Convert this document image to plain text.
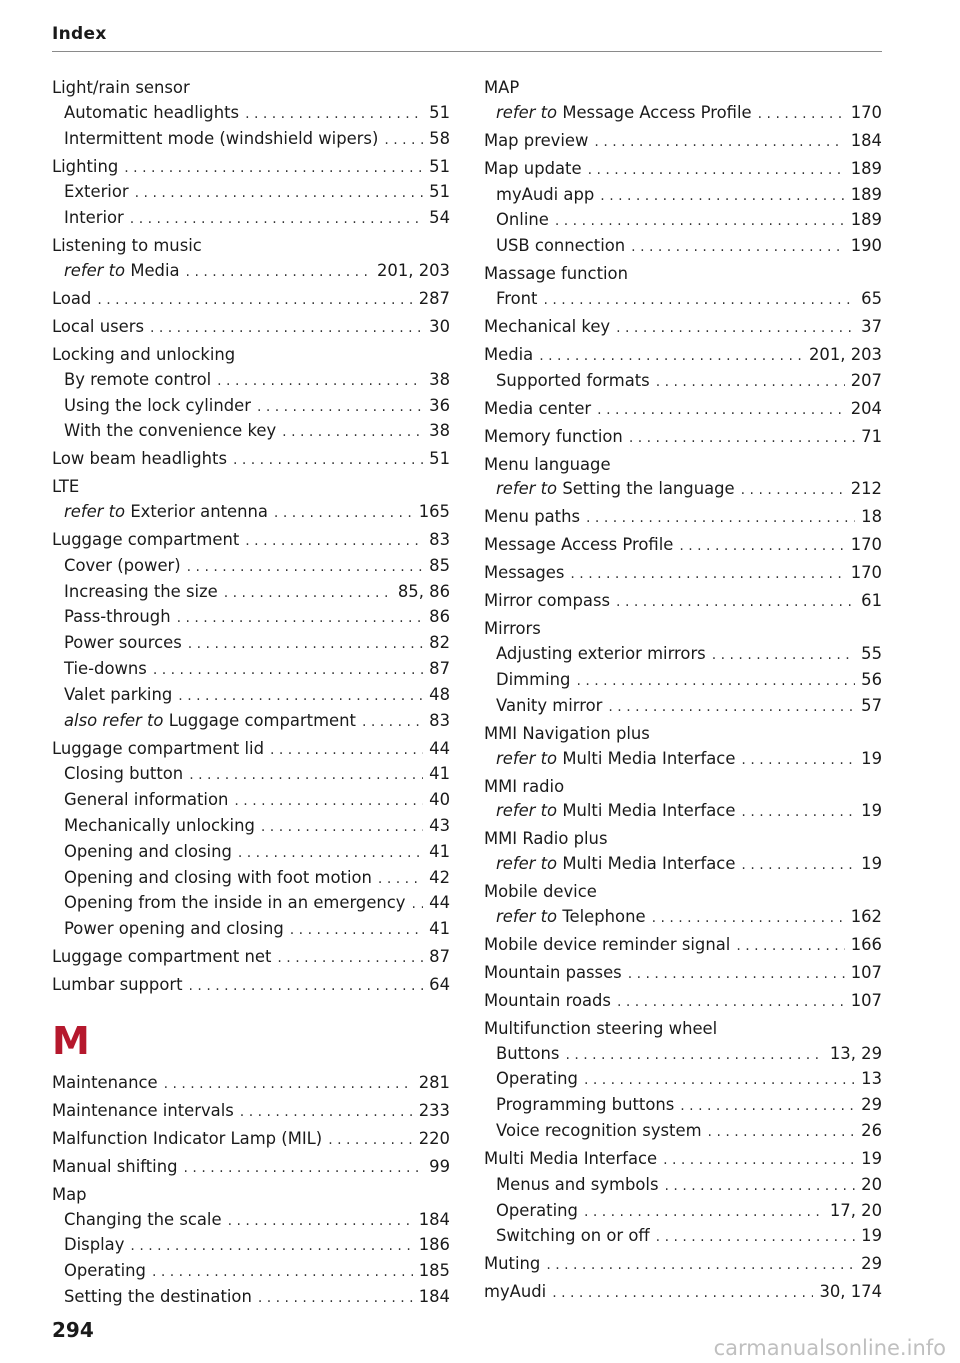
Index
Light/rain sensor
Automatic headlights . . .	51
Intermittent mode (windshield wipers) . . .	58
Lighting . . .	51
Exterior . . .	51
Interior . . .	54
Listening to music
refer to Media . . .	201, 203
Load . . .	287
Local users . . .	30
Locking and unlocking
By remote control . . .	38
Using the lock cylinder . . .	36
With the convenience key . . .	38
Low beam headlights . . .	51
LTE
refer to Exterior antenna . . .	165
Luggage compartment . . .	83
Cover (power) . . .	85
Increasing the size . . .	85, 86
Pass-through . . .	86
Power sources . . .	82
Tie-downs . . .	87
Valet parking . . .	48
also refer to Luggage compartment . . .	83
Luggage compartment lid . . .	44
Closing button . . .	41
General information . . .	40
Mechanically unlocking . . .	43
Opening and closing . . .	41
Opening and closing with foot motion . . .	42
Opening from the inside in an emergency . . . 44
Power opening and closing . . .	41
Luggage compartment net . . .	87
Lumbar support . . .	64
M
Maintenance . . .	281
Maintenance intervals . . .	233
Malfunction Indicator Lamp (MIL) . . .	220
Manual shifting . . .	99
Map
Changing the scale . . .	184
Display . . .	186
Operating . . .	185
Setting the destination . . .	184
MAP
refer to Message Access Profile . . .	170
Map preview . . .	184
Map update . . .	189
myAudi app . . .	189
Online . . .	189
USB connection . . .	190
Massage function
Front . . .	65
Mechanical key . . .	37
Media . . .	201, 203
Supported formats . . .	207
Media center . . .	204
Memory function . . .	71
Menu language
refer to Setting the language . . .	212
Menu paths . . .	18
Message Access Profile . . .	170
Messages . . .	170
Mirror compass . . .	61
Mirrors
Adjusting exterior mirrors . . .	55
Dimming . . .	56
Vanity mirror . . .	57
MMI Navigation plus
refer to Multi Media Interface . . .	19
MMI radio
refer to Multi Media Interface . . .	19
MMI Radio plus
refer to Multi Media Interface . . .	19
Mobile device
refer to Telephone . . .	162
Mobile device reminder signal . . .	166
Mountain passes . . .	107
Mountain roads . . .	107
Multifunction steering wheel
Buttons . . .	13, 29
Operating . . .	13
Programming buttons . . .	29
Voice recognition system . . .	26
Multi Media Interface . . .	19
Menus and symbols . . .	20
Operating . . .	17, 20
Switching on or off . . .	19
Muting . . .	29
myAudi . . .	30, 174
294
carmanualsonline.info
